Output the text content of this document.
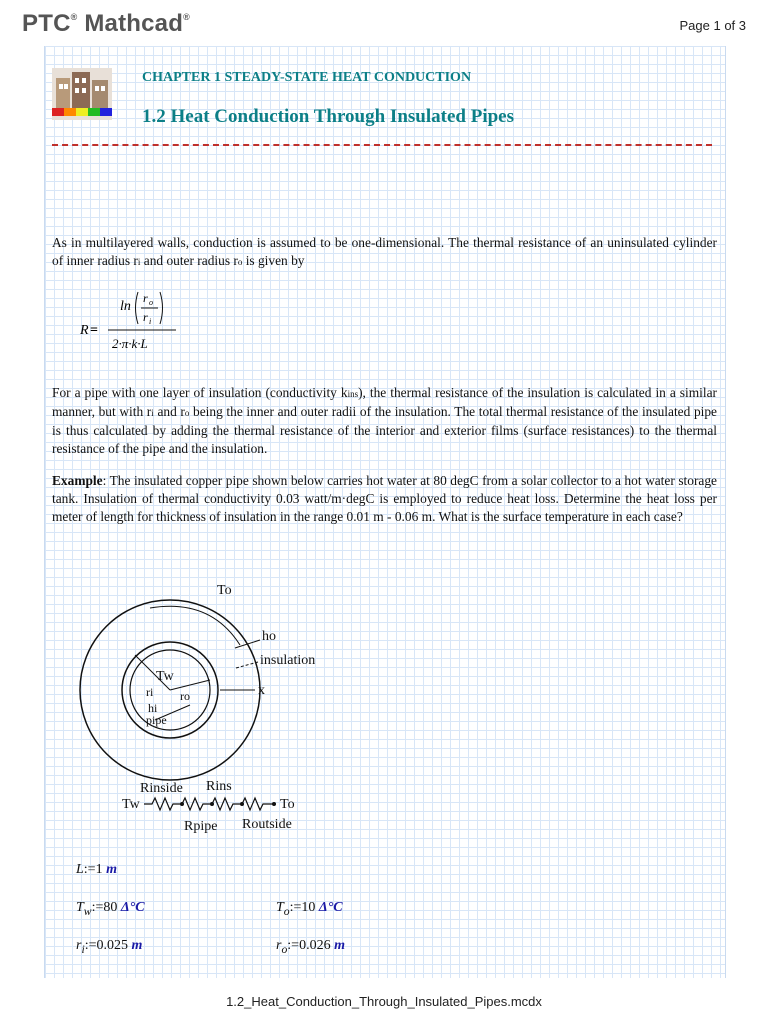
PTC® Mathcad®
Page 1 of 3
CHAPTER 1 STEADY-STATE HEAT CONDUCTION
1.2 Heat Conduction Through Insulated Pipes
As in multilayered walls, conduction is assumed to be one-dimensional. The thermal resistance of an uninsulated cylinder of inner radius ri and outer radius ro is given by
R =
ln
r o
r i
2·π·k·L
For a pipe with one layer of insulation (conductivity kins), the thermal resistance of the insulation is calculated in a similar manner, but with ri and ro being the inner and outer radii of the insulation. The total thermal resistance of the insulated pipe is thus calculated by adding the thermal resistance of the interior and exterior films (surface resistances) to the thermal resistance of the pipe and the insulation.
Example: The insulated copper pipe shown below carries hot water at 80 degC from a solar collector to a hot water storage tank. Insulation of thermal conductivity 0.03 watt/m·degC is employed to reduce heat loss. Determine the heat loss per meter of length for thickness of insulation in the range 0.01 m - 0.06 m. What is the surface temperature in each case?
To
ho
insulation
x
Tw
ri ro
hi
pipe
Rinside Rins
Tw	To
Rpipe Routside
L:=1 m
$T_w:=80$ Δ°C	$T_o:=10$ Δ°C
$r_i:=0.025$ m	$r_o:=0.026$ m
1.2_Heat_Conduction_Through_Insulated_Pipes.mcdx
